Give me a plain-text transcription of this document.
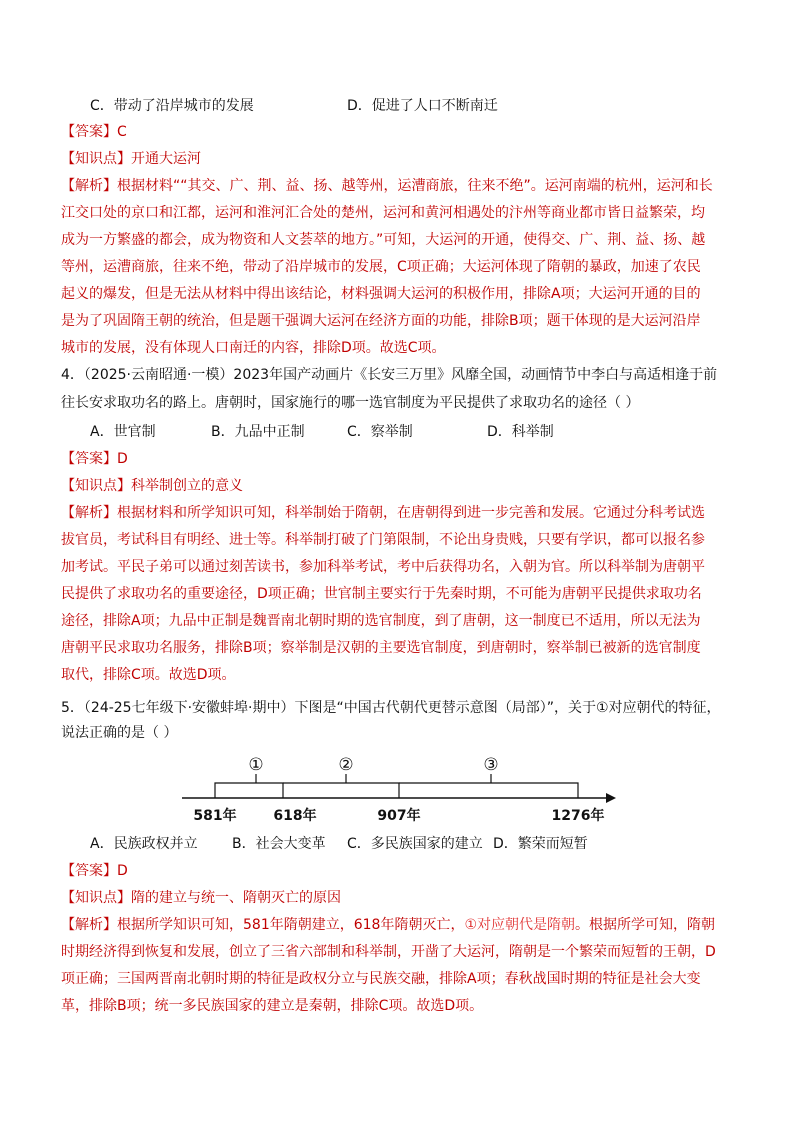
C．带动了沿岸城市的发展	D．促进了人口不断南迁
【答案】C
【知识点】开通大运河
【解析】根据材料““其交、广、荆、益、扬、越等州，运漕商旅，往来不绝”。运河南端的杭州，运河和长
江交口处的京口和江都，运河和淮河汇合处的楚州，运河和黄河相遇处的汴州等商业都市皆日益繁荣，均
成为一方繁盛的都会，成为物资和人文荟萃的地方。”可知，大运河的开通，使得交、广、荆、益、扬、越
等州，运漕商旅，往来不绝，带动了沿岸城市的发展，C项正确；大运河体现了隋朝的暴政，加速了农民
起义的爆发，但是无法从材料中得出该结论，材料强调大运河的积极作用，排除A项；大运河开通的目的
是为了巩固隋王朝的统治，但是题干强调大运河在经济方面的功能，排除B项；题干体现的是大运河沿岸
城市的发展，没有体现人口南迁的内容，排除D项。故选C项。
4．（2025·云南昭通·一模）2023年国产动画片《长安三万里》风靡全国，动画情节中李白与高适相逢于前
往长安求取功名的路上。唐朝时，国家施行的哪一选官制度为平民提供了求取功名的途径（ ）
A．世官制	B．九品中正制	C．察举制	D．科举制
【答案】D
【知识点】科举制创立的意义
【解析】根据材料和所学知识可知，科举制始于隋朝，在唐朝得到进一步完善和发展。它通过分科考试选
拔官员，考试科目有明经、进士等。科举制打破了门第限制，不论出身贵贱，只要有学识，都可以报名参
加考试。平民子弟可以通过刻苦读书，参加科举考试，考中后获得功名，入朝为官。所以科举制为唐朝平
民提供了求取功名的重要途径，D项正确；世官制主要实行于先秦时期，不可能为唐朝平民提供求取功名
途径，排除A项；九品中正制是魏晋南北朝时期的选官制度，到了唐朝，这一制度已不适用，所以无法为
唐朝平民求取功名服务，排除B项；察举制是汉朝的主要选官制度，到唐朝时，察举制已被新的选官制度
取代，排除C项。故选D项。
5．（24-25七年级下·安徽蚌埠·期中）下图是“中国古代朝代更替示意图（局部）”，关于①对应朝代的特征，
说法正确的是（ ）
①	②	③
581年	618年	907年	1276年
A．民族政权并立 B．社会大变革 C．多民族国家的建立 D．繁荣而短暂
【答案】D
【知识点】隋的建立与统一、隋朝灭亡的原因
【解析】根据所学知识可知，581年隋朝建立，618年隋朝灭亡，①对应朝代是隋朝。根据所学可知，隋朝
时期经济得到恢复和发展，创立了三省六部制和科举制，开凿了大运河，隋朝是一个繁荣而短暂的王朝，D
项正确；三国两晋南北朝时期的特征是政权分立与民族交融，排除A项；春秋战国时期的特征是社会大变
革，排除B项；统一多民族国家的建立是秦朝，排除C项。故选D项。
